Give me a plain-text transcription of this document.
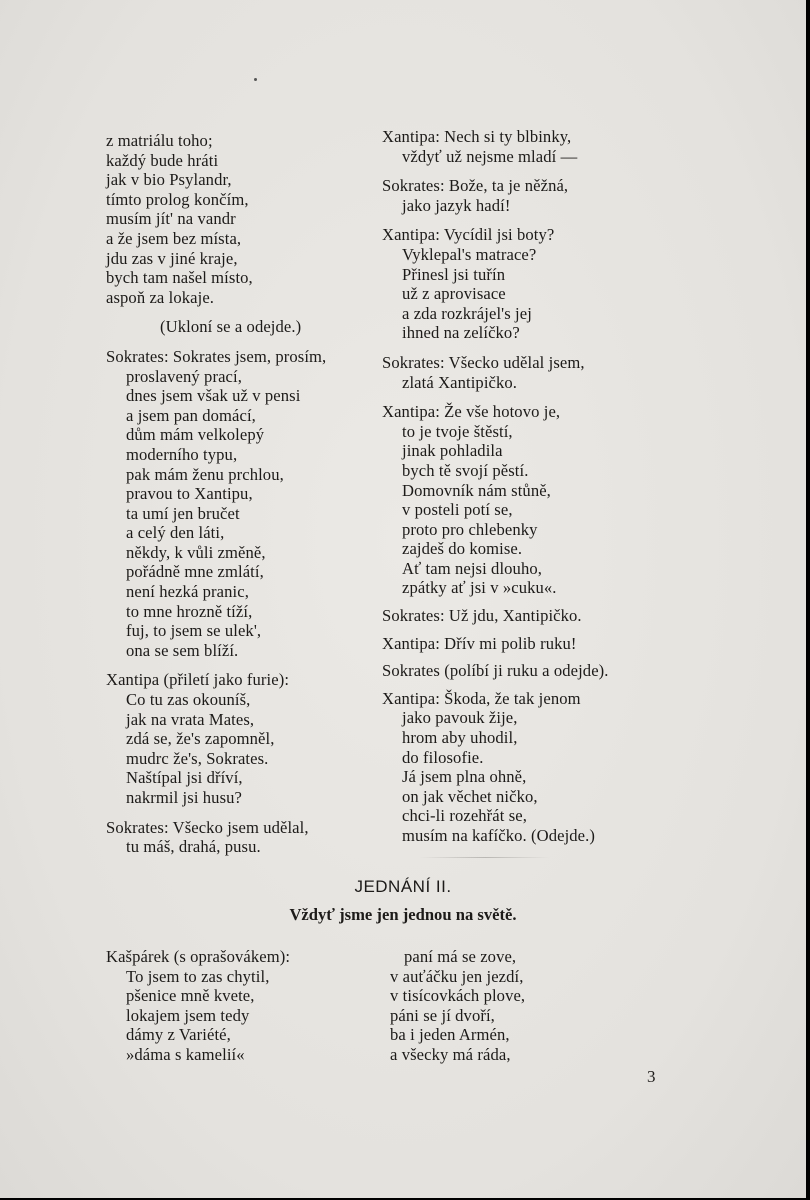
z matriálu toho;
každý bude hráti
jak v bio Psylandr,
tímto prolog končím,
musím jít' na vandr
a že jsem bez místa,
jdu zas v jiné kraje,
bych tam našel místo,
aspoň za lokaje.
(Ukloní se a odejde.)
Sokrates: Sokrates jsem, prosím,
proslavený prací,
dnes jsem však už v pensi
a jsem pan domácí,
dům mám velkolepý
moderního typu,
pak mám ženu prchlou,
pravou to Xantipu,
ta umí jen bručet
a celý den láti,
někdy, k vůli změně,
pořádně mne zmlátí,
není hezká pranic,
to mne hrozně tíží,
fuj, to jsem se ulek',
ona se sem blíží.
Xantipa (přiletí jako furie):
Co tu zas okouníš,
jak na vrata Mates,
zdá se, že's zapomněl,
mudrc že's, Sokrates.
Naštípal jsi dříví,
nakrmil jsi husu?
Sokrates: Všecko jsem udělal,
tu máš, drahá, pusu.
Xantipa: Nech si ty blbinky,
vždyť už nejsme mladí —
Sokrates: Bože, ta je něžná,
jako jazyk hadí!
Xantipa: Vycídil jsi boty?
Vyklepal's matrace?
Přinesl jsi tuřín
už z aprovisace
a zda rozkrájel's jej
ihned na zelíčko?
Sokrates: Všecko udělal jsem,
zlatá Xantipičko.
Xantipa: Že vše hotovo je,
to je tvoje štěstí,
jinak pohladila
bych tě svojí pěstí.
Domovník nám stůně,
v posteli potí se,
proto pro chlebenky
zajdeš do komise.
Ať tam nejsi dlouho,
zpátky ať jsi v »cuku«.
Sokrates: Už jdu, Xantipičko.
Xantipa: Dřív mi polib ruku!
Sokrates (políbí ji ruku a odejde).
Xantipa: Škoda, že tak jenom
jako pavouk žije,
hrom aby uhodil,
do filosofie.
Já jsem plna ohně,
on jak věchet ničko,
chci-li rozehřát se,
musím na kafíčko. (Odejde.)
JEDNÁNÍ II.
Vždyť jsme jen jednou na světě.
Kašpárek (s oprašovákem):
To jsem to zas chytil,
pšenice mně kvete,
lokajem jsem tedy
dámy z Variété,
»dáma s kamelií«
paní má se zove,
v auťáčku jen jezdí,
v tisícovkách plove,
páni se jí dvoří,
ba i jeden Armén,
a všecky má ráda,
3
